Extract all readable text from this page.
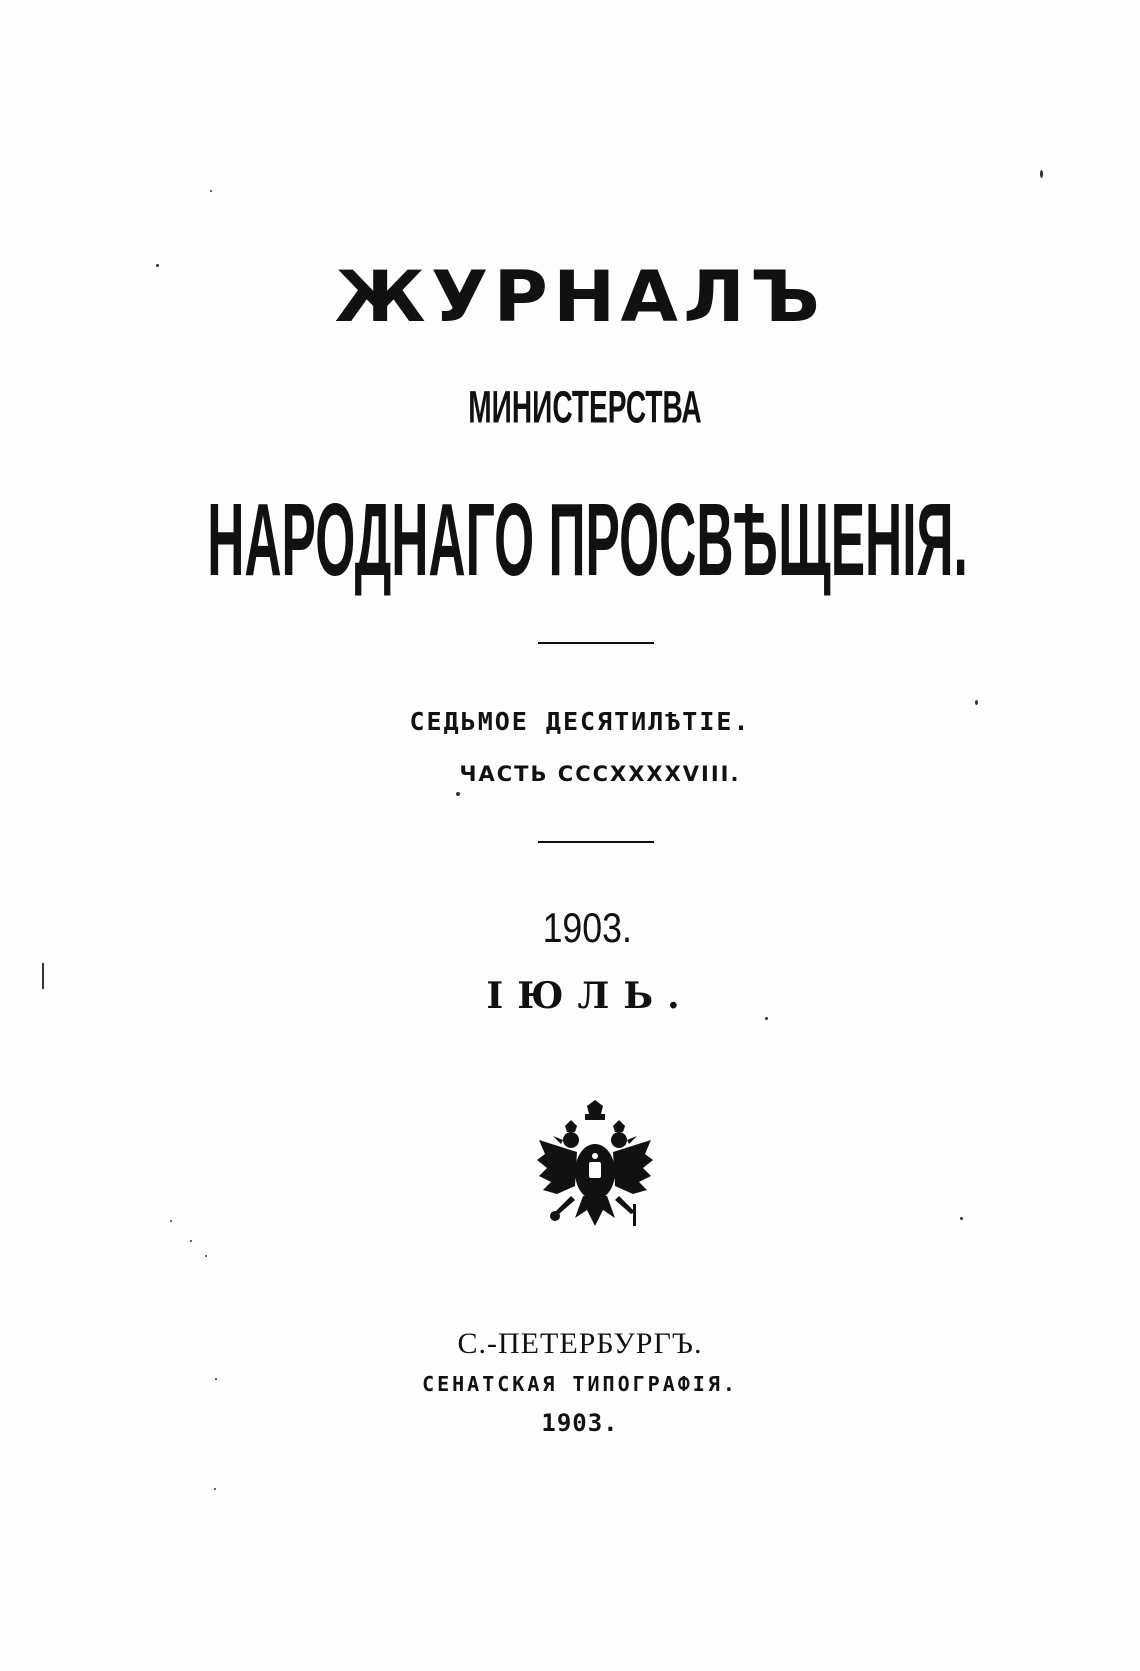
ЖУРНАЛЪ
МИНИСТЕРСТВА
НАРОДНАГО ПРОСВѢЩЕНІЯ.
СЕДЬМОЕ ДЕСЯТИЛѢТІЕ.
ЧАСТЬ CCCXXXXVIII.
1903.
ІЮЛЬ.
С.-ПЕТЕРБУРГЪ.
СЕНАТСКАЯ ТИПОГРАФІЯ.
1903.
